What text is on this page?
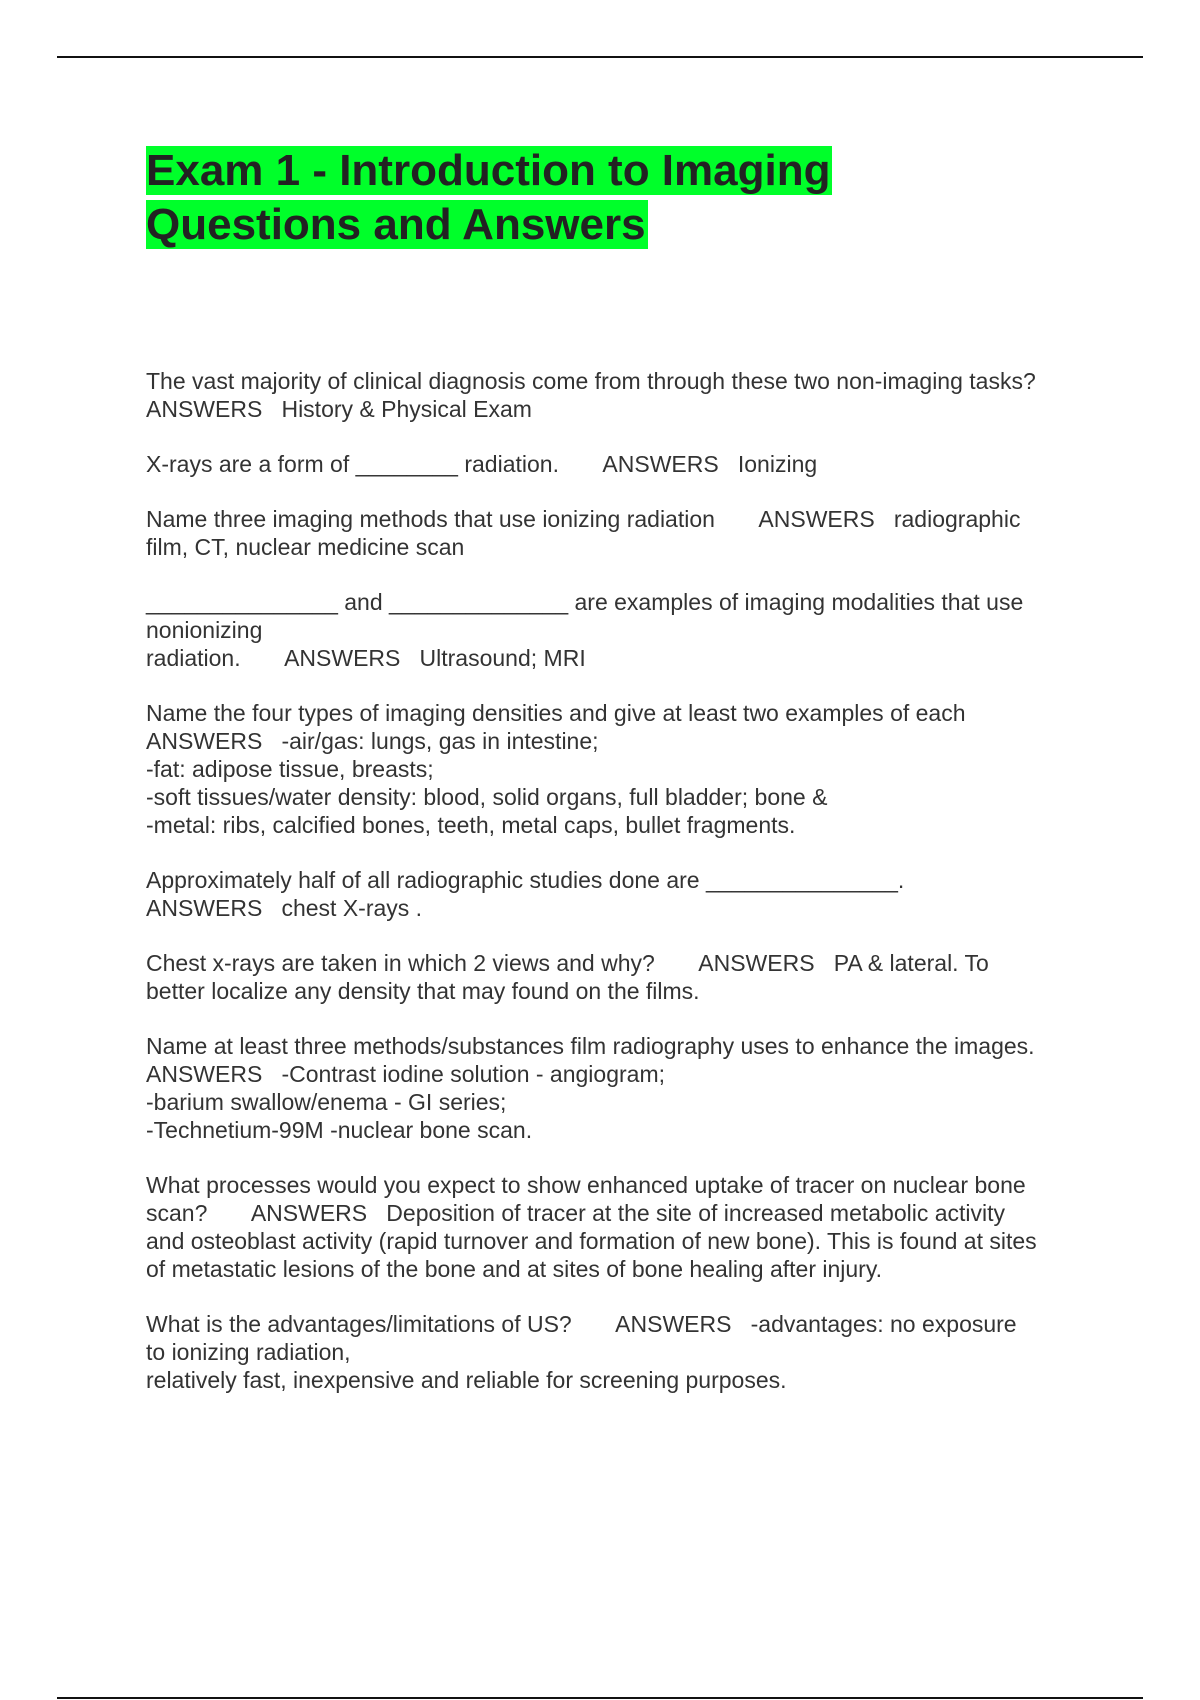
Exam 1 - Introduction to Imaging
Questions and Answers

The vast majority of clinical diagnosis come from through these two non-imaging tasks?
ANSWERS   History & Physical Exam

X-rays are a form of ________ radiation.       ANSWERS   Ionizing

Name three imaging methods that use ionizing radiation       ANSWERS   radiographic
film, CT, nuclear medicine scan

_______________ and ______________ are examples of imaging modalities that use
nonionizing
radiation.       ANSWERS   Ultrasound; MRI

Name the four types of imaging densities and give at least two examples of each
ANSWERS   -air/gas: lungs, gas in intestine;
-fat: adipose tissue, breasts;
-soft tissues/water density: blood, solid organs, full bladder; bone &
-metal: ribs, calcified bones, teeth, metal caps, bullet fragments.

Approximately half of all radiographic studies done are _______________.
ANSWERS   chest X-rays .

Chest x-rays are taken in which 2 views and why?       ANSWERS   PA & lateral. To
better localize any density that may found on the films.

Name at least three methods/substances film radiography uses to enhance the images.
ANSWERS   -Contrast iodine solution - angiogram;
-barium swallow/enema - GI series;
-Technetium-99M -nuclear bone scan.

What processes would you expect to show enhanced uptake of tracer on nuclear bone
scan?       ANSWERS   Deposition of tracer at the site of increased metabolic activity
and osteoblast activity (rapid turnover and formation of new bone). This is found at sites
of metastatic lesions of the bone and at sites of bone healing after injury.

What is the advantages/limitations of US?       ANSWERS   -advantages: no exposure
to ionizing radiation,
relatively fast, inexpensive and reliable for screening purposes.
